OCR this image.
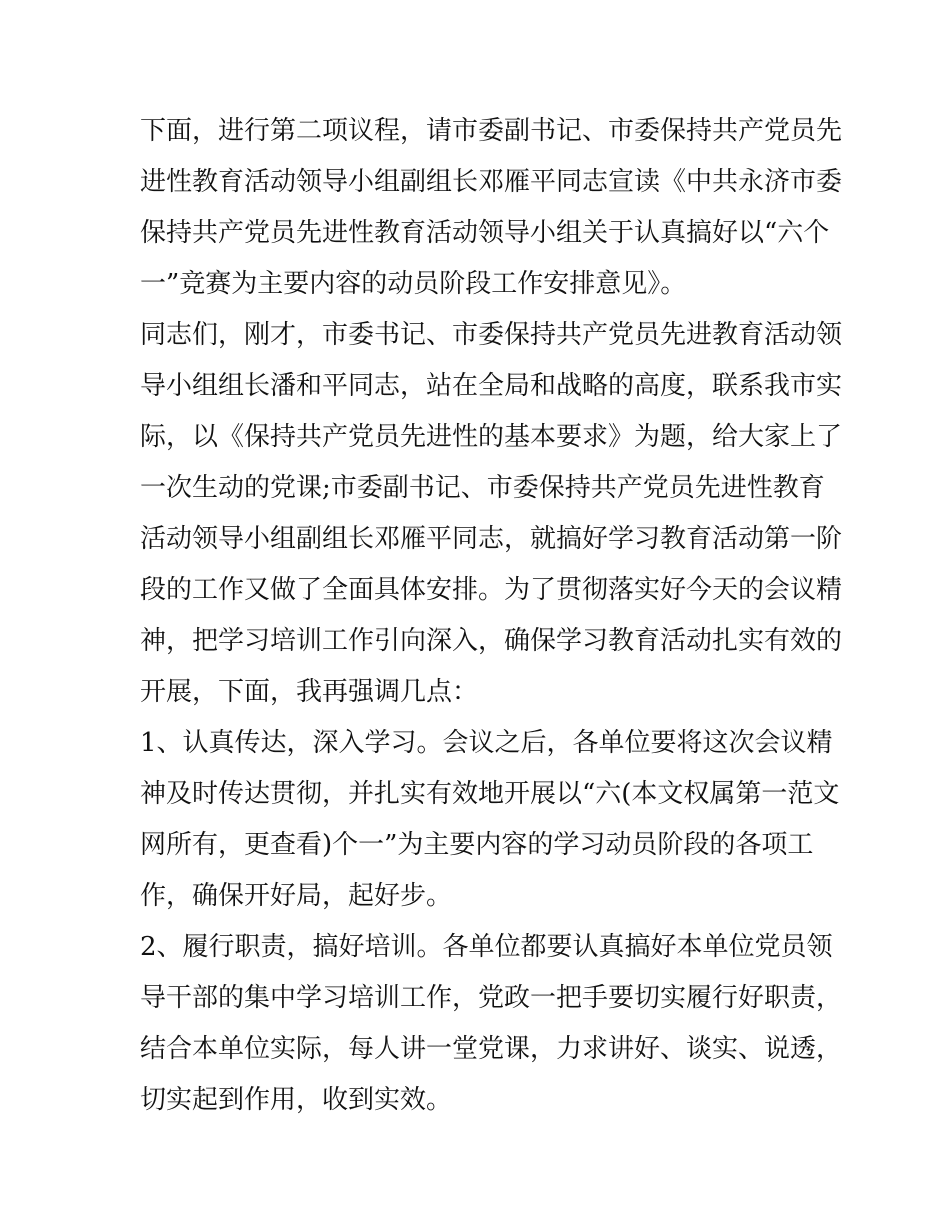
下面，进行第二项议程，请市委副书记、市委保持共产党员先
进性教育活动领导小组副组长邓雁平同志宣读《中共永济市委
保持共产党员先进性教育活动领导小组关于认真搞好以“六个
一”竞赛为主要内容的动员阶段工作安排意见》。
同志们，刚才，市委书记、市委保持共产党员先进教育活动领
导小组组长潘和平同志，站在全局和战略的高度，联系我市实
际，以《保持共产党员先进性的基本要求》为题，给大家上了
一次生动的党课;市委副书记、市委保持共产党员先进性教育
活动领导小组副组长邓雁平同志，就搞好学习教育活动第一阶
段的工作又做了全面具体安排。为了贯彻落实好今天的会议精
神，把学习培训工作引向深入，确保学习教育活动扎实有效的
开展，下面，我再强调几点：
1、认真传达，深入学习。会议之后，各单位要将这次会议精
神及时传达贯彻，并扎实有效地开展以“六(本文权属第一范文
网所有，更查看)个一”为主要内容的学习动员阶段的各项工
作，确保开好局，起好步。
2、履行职责，搞好培训。各单位都要认真搞好本单位党员领
导干部的集中学习培训工作，党政一把手要切实履行好职责，
结合本单位实际，每人讲一堂党课，力求讲好、谈实、说透，
切实起到作用，收到实效。
